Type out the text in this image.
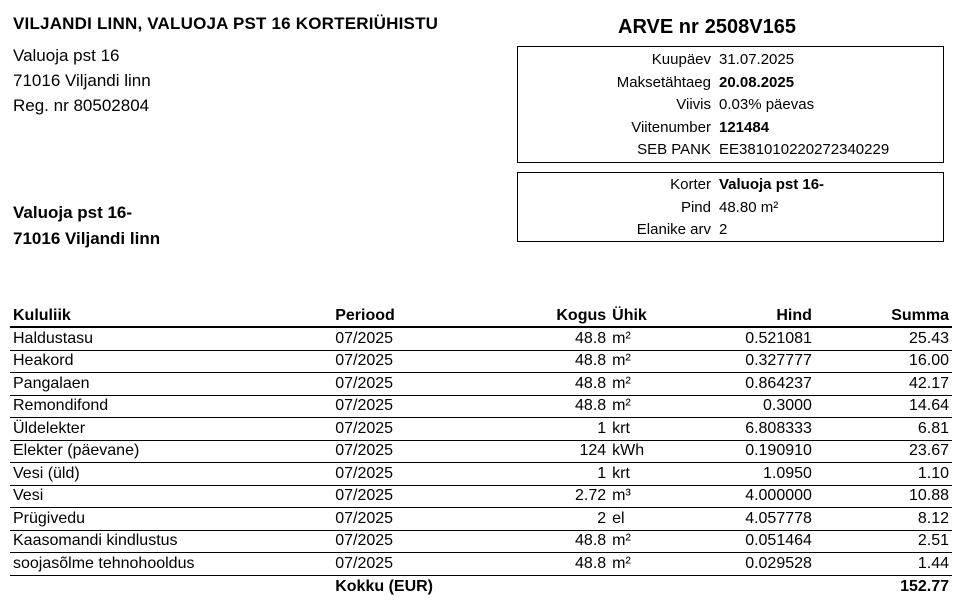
VILJANDI LINN, VALUOJA PST 16 KORTERIÜHISTU
Valuoja pst 16
71016 Viljandi linn
Reg. nr 80502804
ARVE nr 2508V165
Kuupäev 31.07.2025
Maksetähtaeg 20.08.2025
Viivis 0.03% päevas
Viitenumber 121484
SEB PANK EE381010220272340229
Korter Valuoja pst 16-
Pind 48.80 m²
Elanike arv 2
Valuoja pst 16-
71016 Viljandi linn
Kululiik	Periood	Kogus	Ühik	Hind	Summa
Haldustasu	07/2025	48.8	m²	0.521081	25.43
Heakord	07/2025	48.8	m²	0.327777	16.00
Pangalaen	07/2025	48.8	m²	0.864237	42.17
Remondifond	07/2025	48.8	m²	0.3000	14.64
Üldelekter	07/2025	1	krt	6.808333	6.81
Elekter (päevane)	07/2025	124	kWh	0.190910	23.67
Vesi (üld)	07/2025	1	krt	1.0950	1.10
Vesi	07/2025	2.72	m³	4.000000	10.88
Prügivedu	07/2025	2	el	4.057778	8.12
Kaasomandi kindlustus	07/2025	48.8	m²	0.051464	2.51
soojasõlme tehnohooldus	07/2025	48.8	m²	0.029528	1.44
	Kokku (EUR)				152.77
